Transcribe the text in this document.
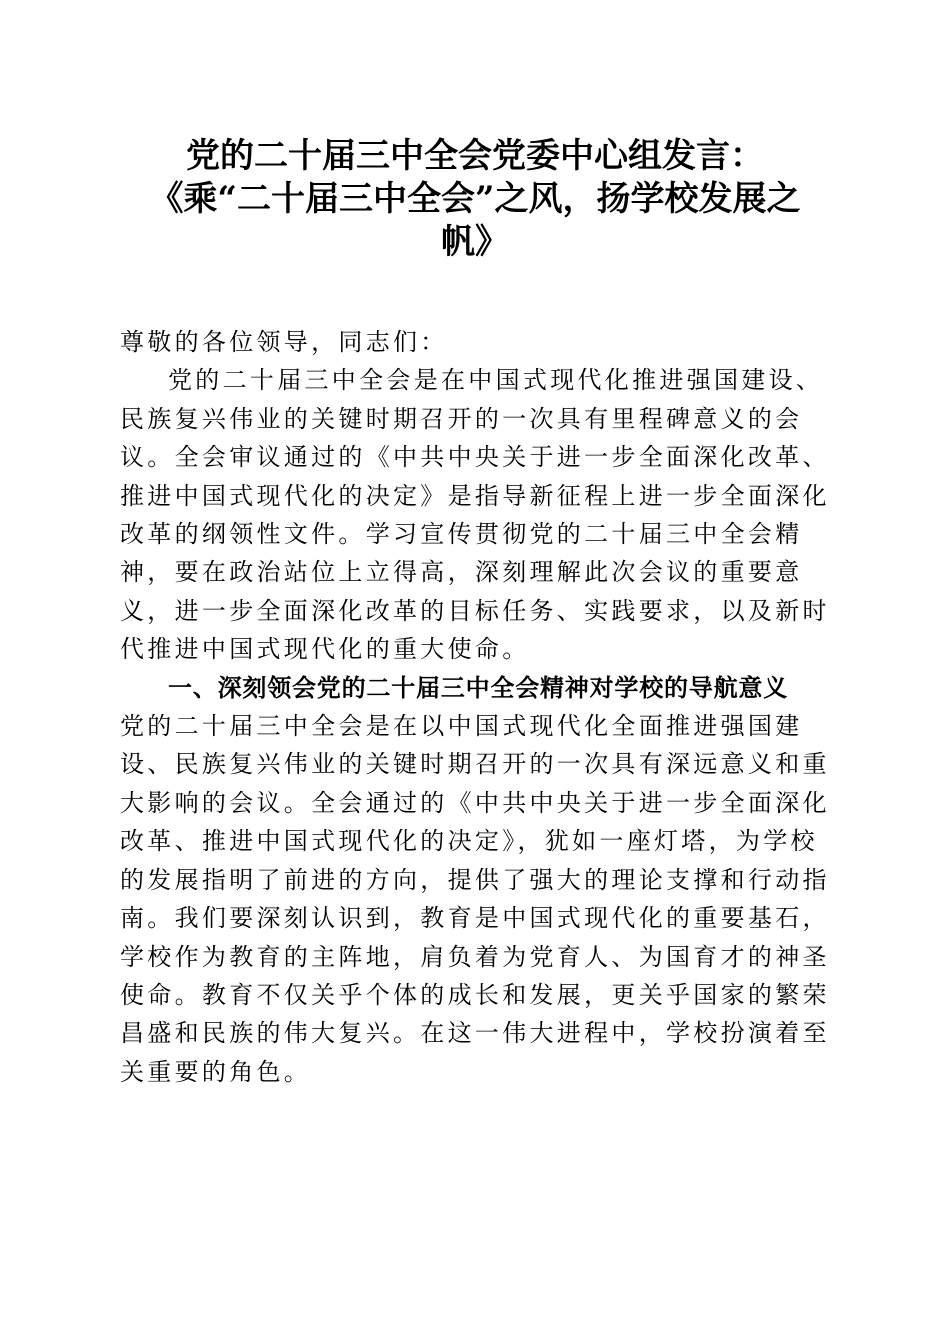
党的二十届三中全会党委中心组发言：
《乘“二十届三中全会”之风，扬学校发展之
帆》
尊敬的各位领导，同志们：
党的二十届三中全会是在中国式现代化推进强国建设、民族复兴伟业的关键时期召开的一次具有里程碑意义的会议。全会审议通过的《中共中央关于进一步全面深化改革、推进中国式现代化的决定》是指导新征程上进一步全面深化改革的纲领性文件。学习宣传贯彻党的二十届三中全会精神，要在政治站位上立得高，深刻理解此次会议的重要意义，进一步全面深化改革的目标任务、实践要求，以及新时代推进中国式现代化的重大使命。
一、深刻领会党的二十届三中全会精神对学校的导航意义
党的二十届三中全会是在以中国式现代化全面推进强国建设、民族复兴伟业的关键时期召开的一次具有深远意义和重大影响的会议。全会通过的《中共中央关于进一步全面深化改革、推进中国式现代化的决定》，犹如一座灯塔，为学校的发展指明了前进的方向，提供了强大的理论支撑和行动指南。我们要深刻认识到，教育是中国式现代化的重要基石，学校作为教育的主阵地，肩负着为党育人、为国育才的神圣使命。教育不仅关乎个体的成长和发展，更关乎国家的繁荣昌盛和民族的伟大复兴。在这一伟大进程中，学校扮演着至关重要的角色。
